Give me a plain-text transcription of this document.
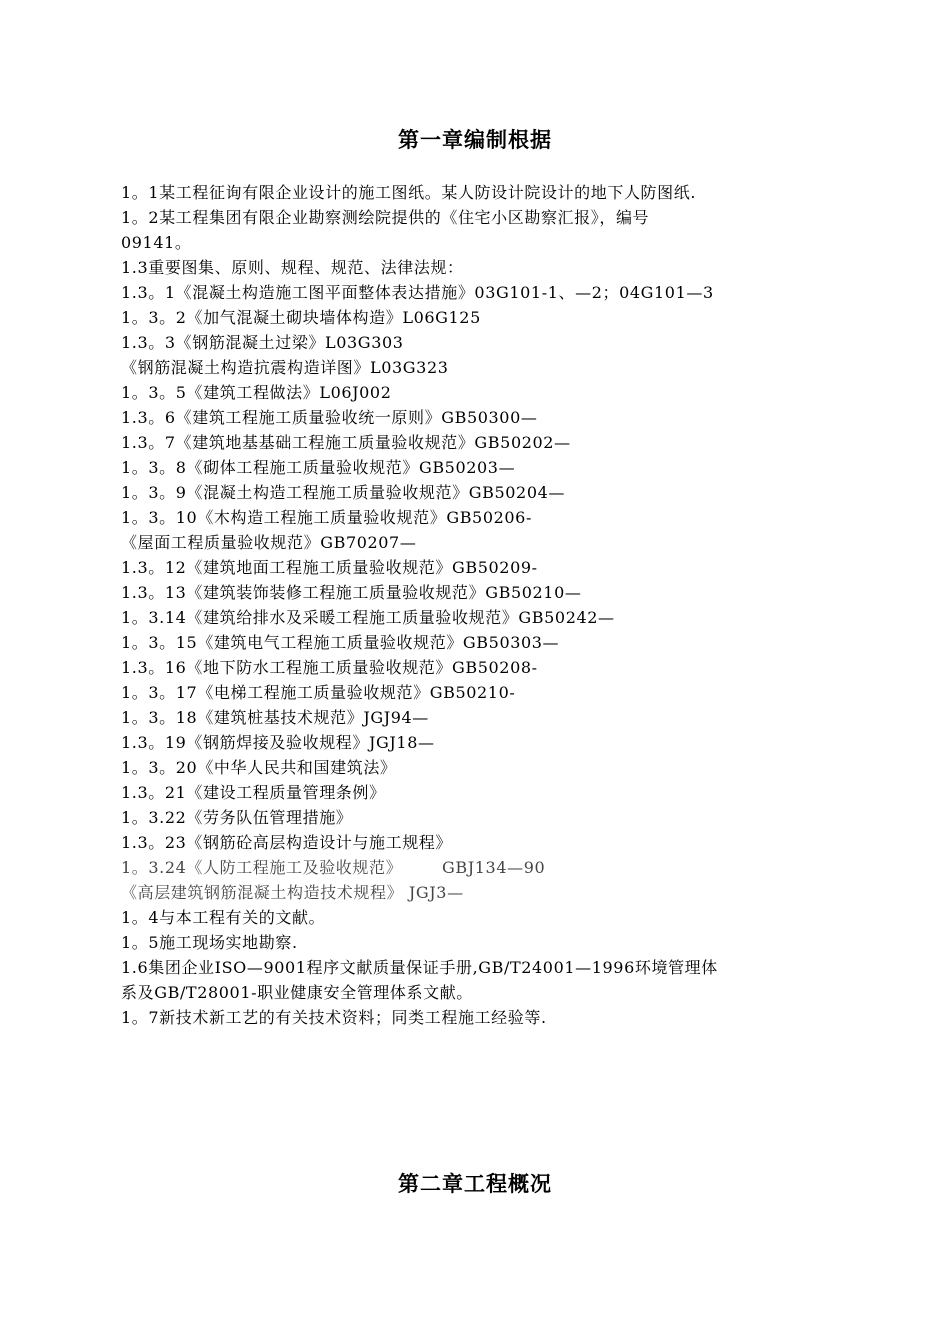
第一章编制根据
1。1某工程征询有限企业设计的施工图纸。某人防设计院设计的地下人防图纸.
1。2某工程集团有限企业勘察测绘院提供的《住宅小区勘察汇报》，编号
09141。
1.3重要图集、原则、规程、规范、法律法规：
1.3。1《混凝土构造施工图平面整体表达措施》03G101-1、—2；04G101—3
1。3。2《加气混凝土砌块墙体构造》L06G125
1.3。3《钢筋混凝土过梁》L03G303
《钢筋混凝土构造抗震构造详图》L03G323
1。3。5《建筑工程做法》L06J002
1.3。6《建筑工程施工质量验收统一原则》GB50300—
1.3。7《建筑地基基础工程施工质量验收规范》GB50202—
1。3。8《砌体工程施工质量验收规范》GB50203—
1。3。9《混凝土构造工程施工质量验收规范》GB50204—
1。3。10《木构造工程施工质量验收规范》GB50206-
《屋面工程质量验收规范》GB70207—
1.3。12《建筑地面工程施工质量验收规范》GB50209-
1.3。13《建筑装饰装修工程施工质量验收规范》GB50210—
1。3.14《建筑给排水及采暖工程施工质量验收规范》GB50242—
1。3。15《建筑电气工程施工质量验收规范》GB50303—
1.3。16《地下防水工程施工质量验收规范》GB50208-
1。3。17《电梯工程施工质量验收规范》GB50210-
1。3。18《建筑桩基技术规范》JGJ94—
1.3。19《钢筋焊接及验收规程》JGJ18—
1。3。20《中华人民共和国建筑法》
1.3。21《建设工程质量管理条例》
1。3.22《劳务队伍管理措施》
1.3。23《钢筋砼高层构造设计与施工规程》
1。3.24《人防工程施工及验收规范》       GBJ134—90
《高层建筑钢筋混凝土构造技术规程》 JGJ3—
1。4与本工程有关的文献。
1。5施工现场实地勘察.
1.6集团企业ISO—9001程序文献质量保证手册,GB/T24001—1996环境管理体
系及GB/T28001-职业健康安全管理体系文献。
1。7新技术新工艺的有关技术资料；同类工程施工经验等.
第二章工程概况
